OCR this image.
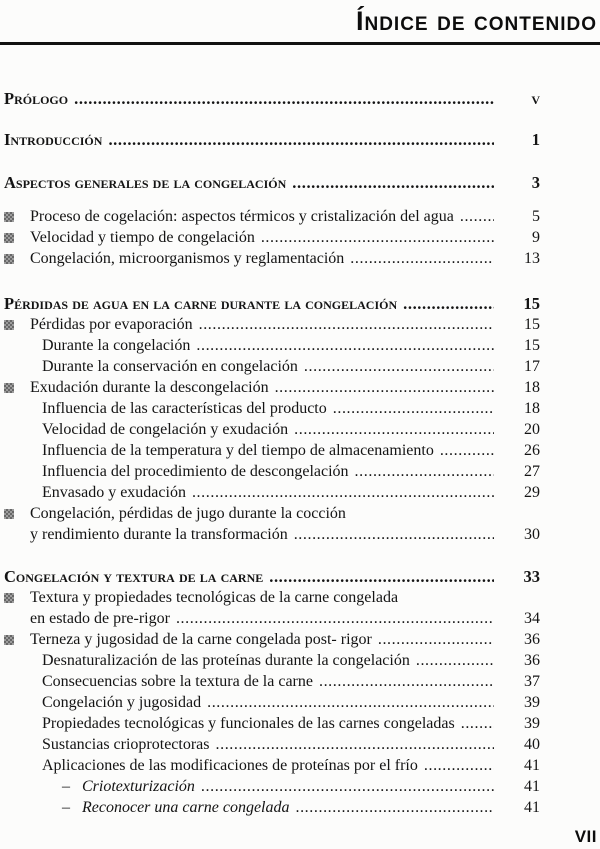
Índice de contenido
Prólogo .....	v
Introducción .....	1
Aspectos generales de la congelación .....	3
Proceso de cogelación: aspectos térmicos y cristalización del agua .....	5
Velocidad y tiempo de congelación .....	9
Congelación, microorganismos y reglamentación .....	13
Pérdidas de agua en la carne durante la congelación .....	15
Pérdidas por evaporación .....	15
Durante la congelación .....	15
Durante la conservación en congelación .....	17
Exudación durante la descongelación .....	18
Influencia de las características del producto .....	18
Velocidad de congelación y exudación .....	20
Influencia de la temperatura y del tiempo de almacenamiento .....	26
Influencia del procedimiento de descongelación .....	27
Envasado y exudación .....	29
Congelación, pérdidas de jugo durante la cocción
y rendimiento durante la transformación .....	30
Congelación y textura de la carne .....	33
Textura y propiedades tecnológicas de la carne congelada
en estado de pre-rigor .....	34
Terneza y jugosidad de la carne congelada post- rigor .....	36
Desnaturalización de las proteínas durante la congelación .....	36
Consecuencias sobre la textura de la carne .....	37
Congelación y jugosidad .....	39
Propiedades tecnológicas y funcionales de las carnes congeladas .....	39
Sustancias crioprotectoras .....	40
Aplicaciones de las modificaciones de proteínas por el frío .....	41
– Criotexturización .....	41
– Reconocer una carne congelada .....	41
VII
